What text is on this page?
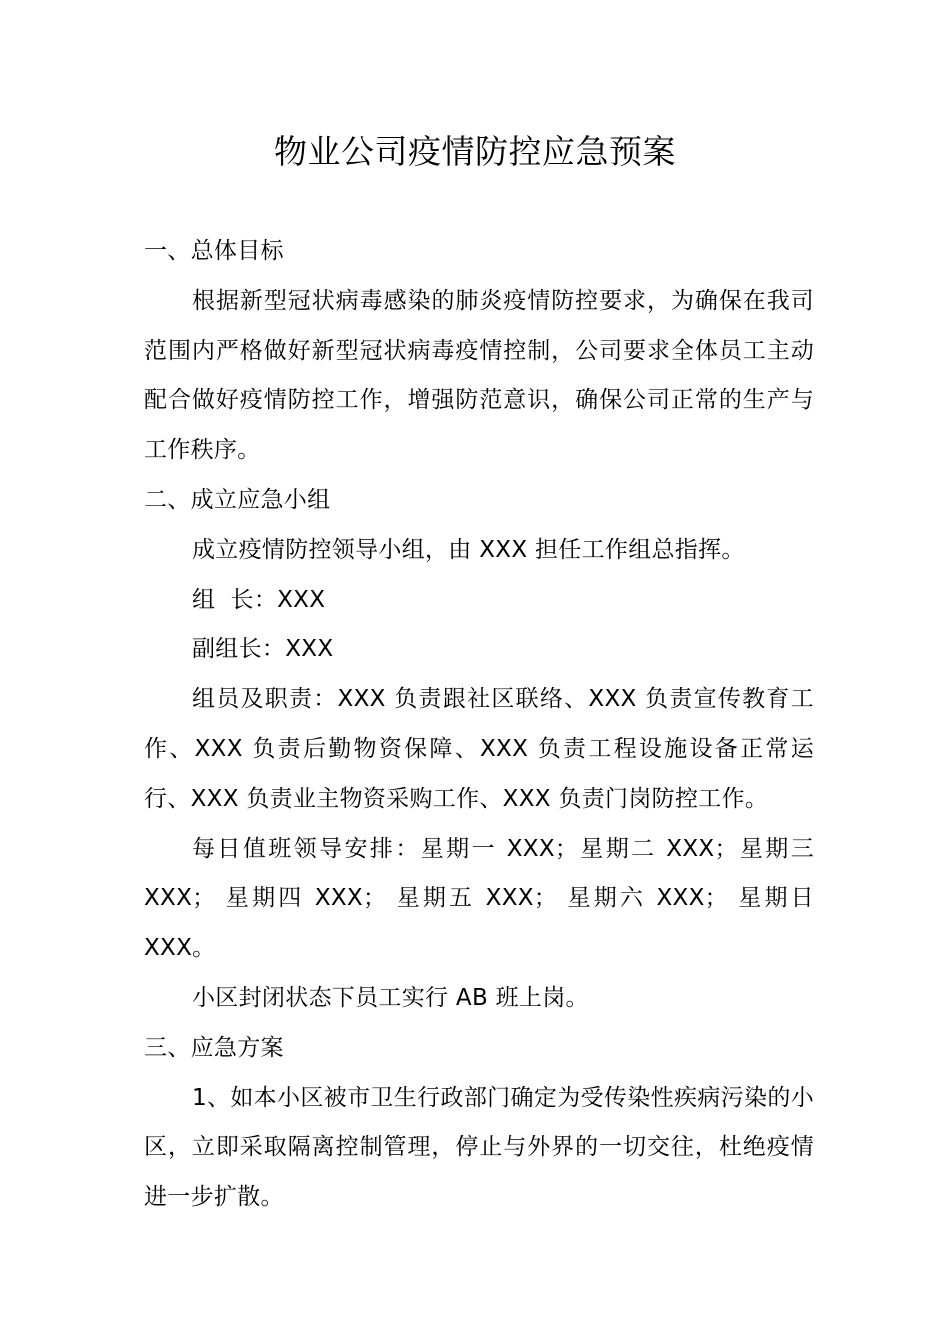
物业公司疫情防控应急预案

一、总体目标

根据新型冠状病毒感染的肺炎疫情防控要求，为确保在我司范围内严格做好新型冠状病毒疫情控制，公司要求全体员工主动配合做好疫情防控工作，增强防范意识，确保公司正常的生产与工作秩序。

二、成立应急小组

成立疫情防控领导小组，由 XXX 担任工作组总指挥。

组  长：XXX

副组长：XXX

组员及职责：XXX 负责跟社区联络、XXX 负责宣传教育工作、XXX 负责后勤物资保障、XXX 负责工程设施设备正常运行、XXX 负责业主物资采购工作、XXX 负责门岗防控工作。

每日值班领导安排：星期一 XXX；星期二 XXX；星期三 XXX； 星期四 XXX； 星期五 XXX； 星期六 XXX； 星期日 XXX。

小区封闭状态下员工实行 AB 班上岗。

三、应急方案

1、如本小区被市卫生行政部门确定为受传染性疾病污染的小区，立即采取隔离控制管理，停止与外界的一切交往，杜绝疫情进一步扩散。
